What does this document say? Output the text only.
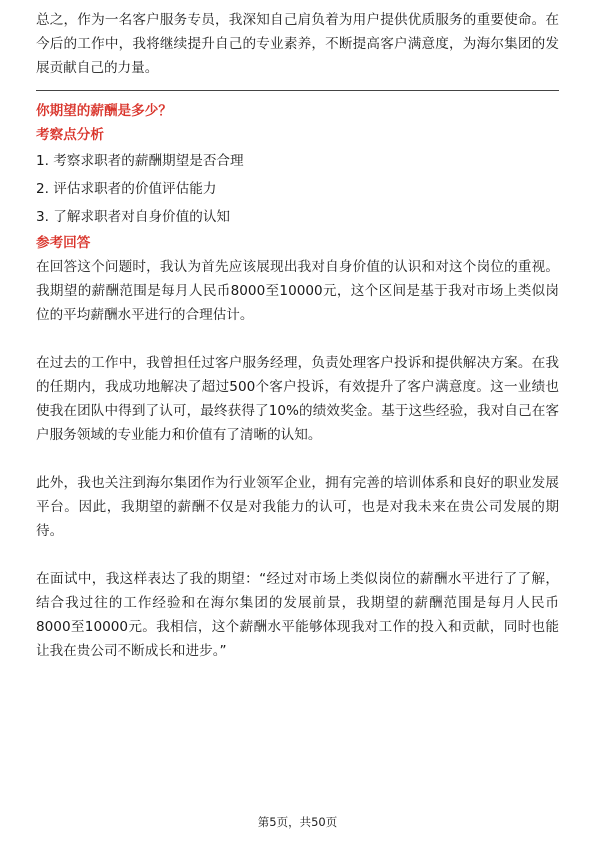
总之，作为一名客户服务专员，我深知自己肩负着为用户提供优质服务的重要使命。在今后的工作中，我将继续提升自己的专业素养，不断提高客户满意度，为海尔集团的发展贡献自己的力量。

你期望的薪酬是多少？

考察点分析

1. 考察求职者的薪酬期望是否合理
2. 评估求职者的价值评估能力
3. 了解求职者对自身价值的认知

参考回答

在回答这个问题时，我认为首先应该展现出我对自身价值的认识和对这个岗位的重视。我期望的薪酬范围是每月人民币8000至10000元，这个区间是基于我对市场上类似岗位的平均薪酬水平进行的合理估计。

在过去的工作中，我曾担任过客户服务经理，负责处理客户投诉和提供解决方案。在我的任期内，我成功地解决了超过500个客户投诉，有效提升了客户满意度。这一业绩也使我在团队中得到了认可，最终获得了10%的绩效奖金。基于这些经验，我对自己在客户服务领域的专业能力和价值有了清晰的认知。

此外，我也关注到海尔集团作为行业领军企业，拥有完善的培训体系和良好的职业发展平台。因此，我期望的薪酬不仅是对我能力的认可，也是对我未来在贵公司发展的期待。

在面试中，我这样表达了我的期望：“经过对市场上类似岗位的薪酬水平进行了了解，结合我过往的工作经验和在海尔集团的发展前景，我期望的薪酬范围是每月人民币8000至10000元。我相信，这个薪酬水平能够体现我对工作的投入和贡献，同时也能让我在贵公司不断成长和进步。”

第5页，共50页
